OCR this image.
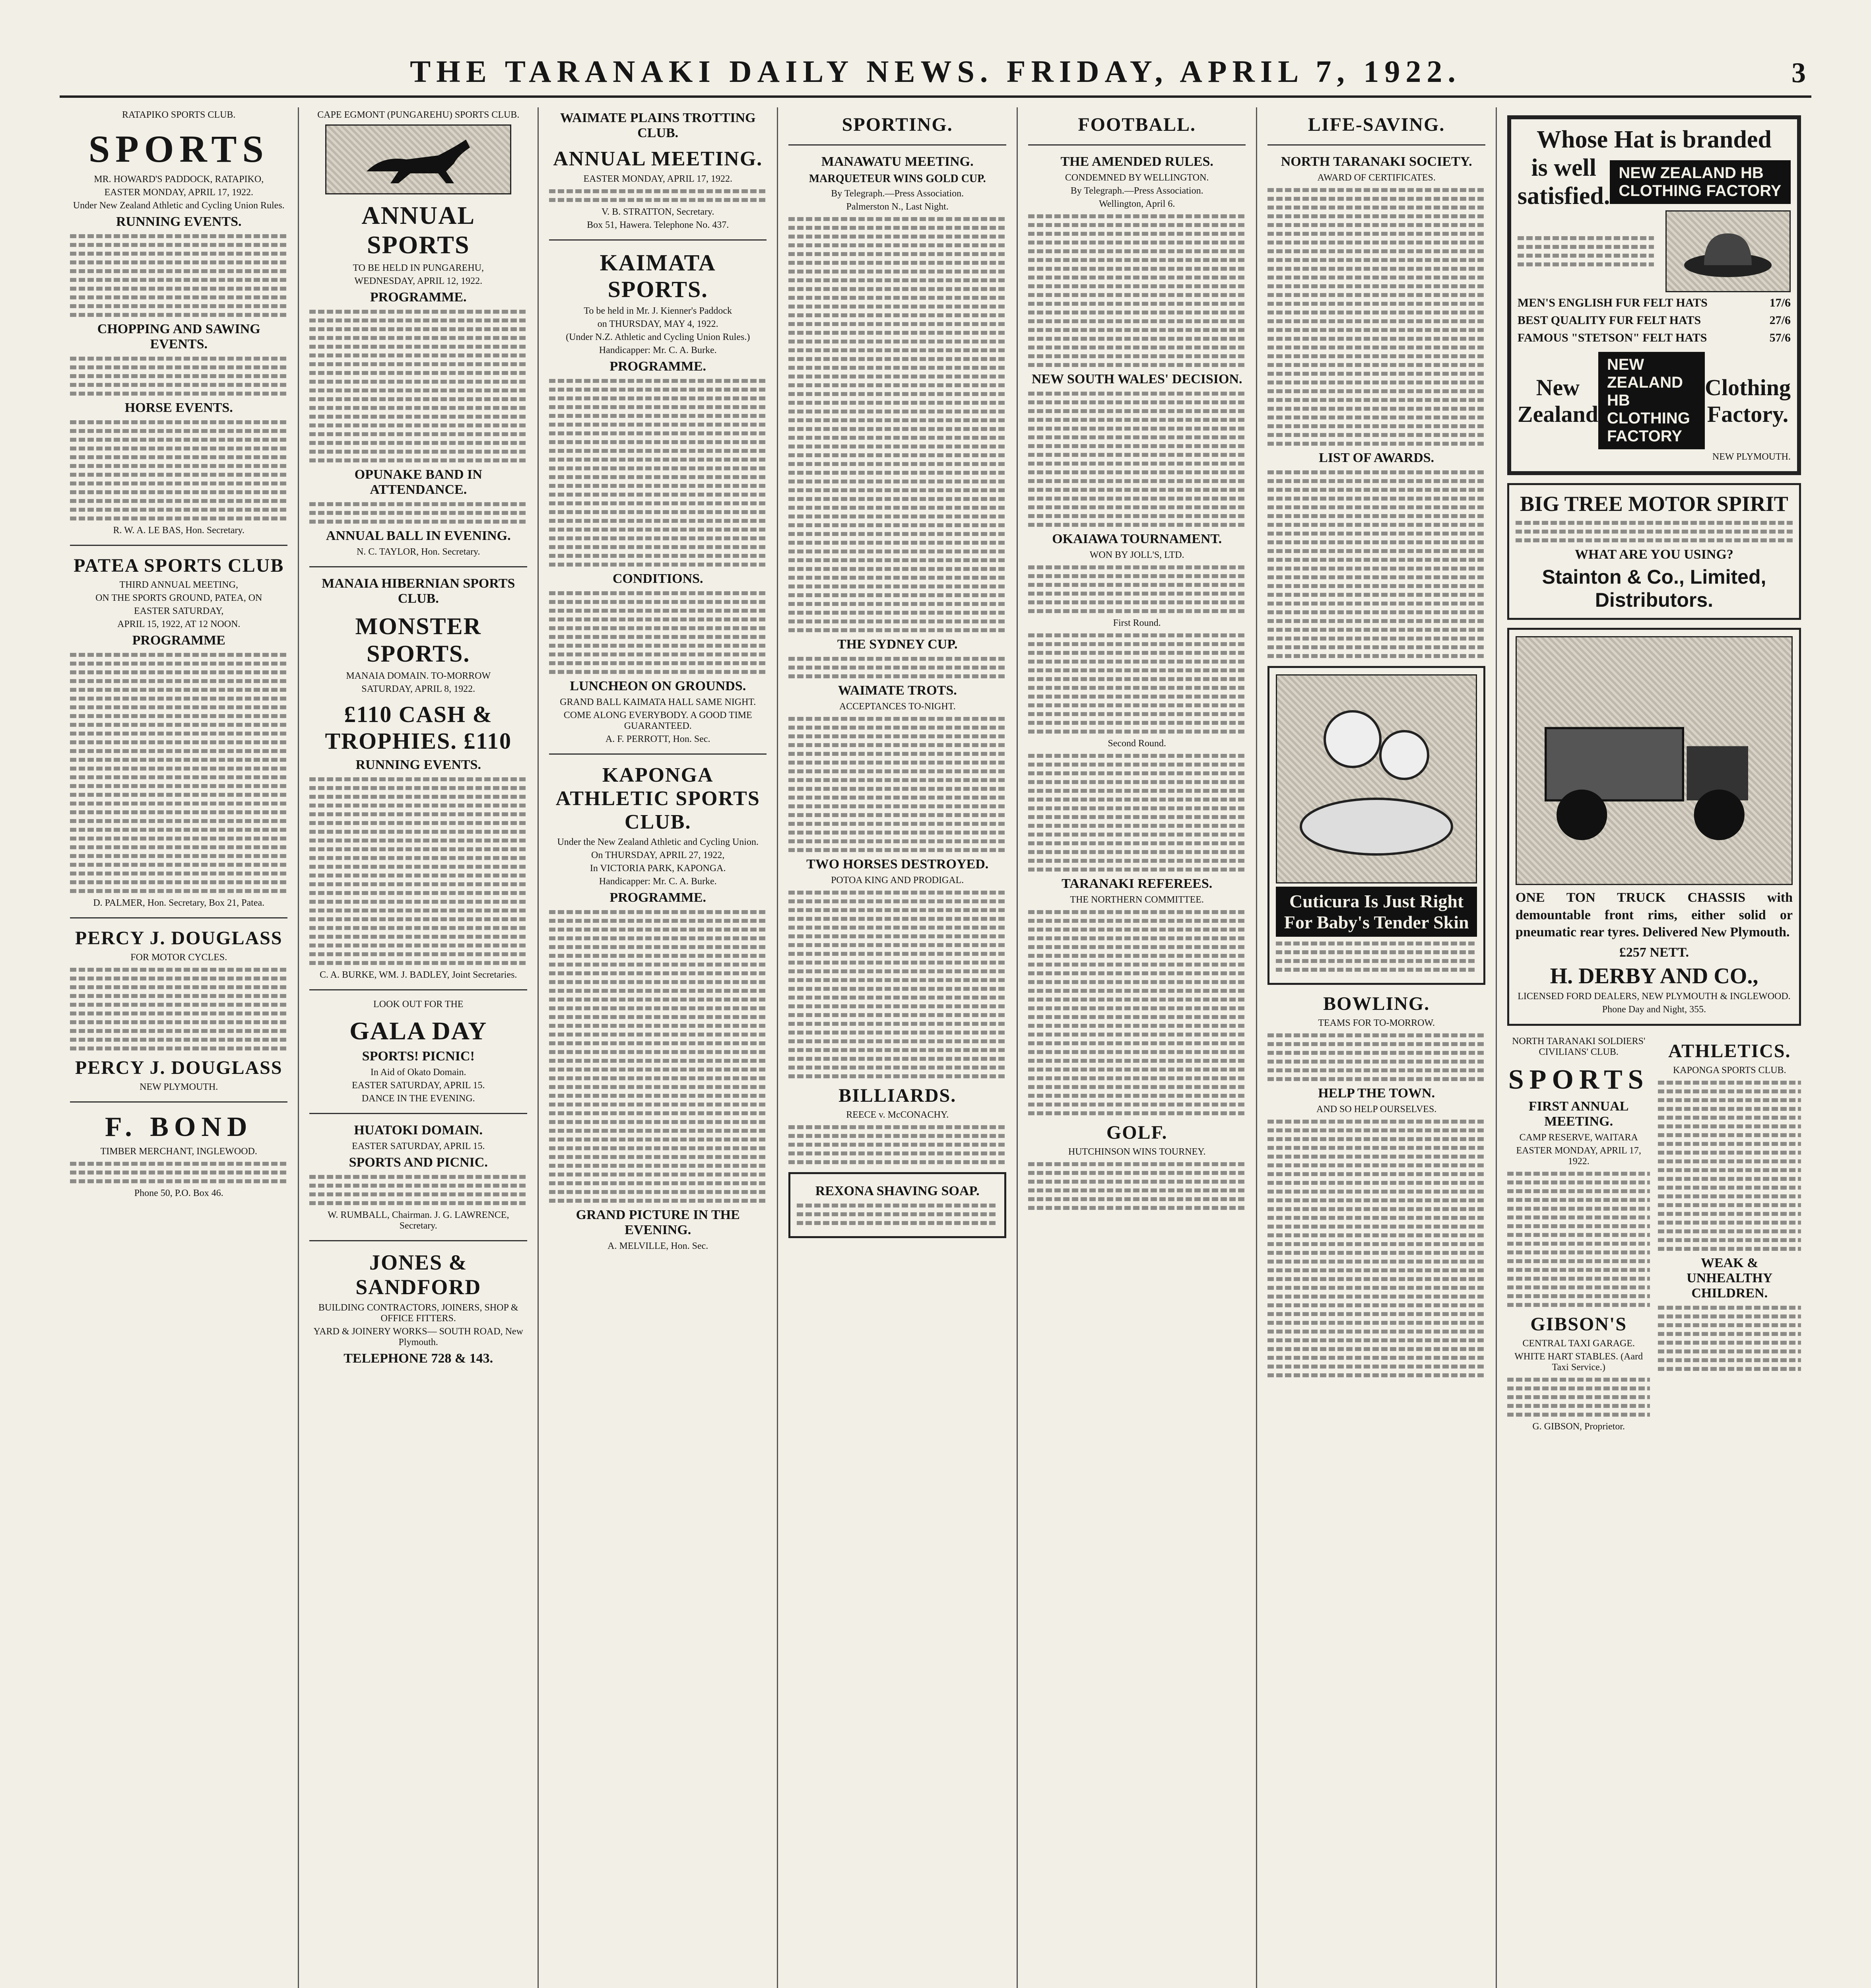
THE TARANAKI DAILY NEWS. FRIDAY, APRIL 7, 1922.	3
RATAPIKO SPORTS CLUB.
SPORTS
MR. HOWARD'S PADDOCK, RATAPIKO,
EASTER MONDAY, APRIL 17, 1922.
Under New Zealand Athletic and Cycling Union Rules.
RUNNING EVENTS.
CHOPPING AND SAWING EVENTS.
HORSE EVENTS.
R. W. A. LE BAS, Hon. Secretary.
PATEA SPORTS CLUB
THIRD ANNUAL MEETING,
ON THE SPORTS GROUND, PATEA, ON
EASTER SATURDAY,
APRIL 15, 1922, AT 12 NOON.
PROGRAMME
D. PALMER, Hon. Secretary, Box 21, Patea.
PERCY J. DOUGLASS
FOR MOTOR CYCLES.
PERCY J. DOUGLASS
NEW PLYMOUTH.
F. BOND
TIMBER MERCHANT, INGLEWOOD.
Phone 50, P.O. Box 46.
CAPE EGMONT (PUNGAREHU) SPORTS CLUB.
ANNUAL SPORTS
TO BE HELD IN PUNGAREHU,
WEDNESDAY, APRIL 12, 1922.
PROGRAMME.
OPUNAKE BAND IN ATTENDANCE.
ANNUAL BALL IN EVENING.
N. C. TAYLOR, Hon. Secretary.
MANAIA HIBERNIAN SPORTS CLUB.
MONSTER SPORTS.
MANAIA DOMAIN. TO-MORROW
SATURDAY, APRIL 8, 1922.
£110 CASH & TROPHIES. £110
RUNNING EVENTS.
C. A. BURKE, WM. J. BADLEY, Joint Secretaries.
LOOK OUT FOR THE
GALA DAY
SPORTS! PICNIC!
In Aid of Okato Domain.
EASTER SATURDAY, APRIL 15.
DANCE IN THE EVENING.
HUATOKI DOMAIN.
EASTER SATURDAY, APRIL 15.
SPORTS AND PICNIC.
W. RUMBALL, Chairman. J. G. LAWRENCE, Secretary.
JONES & SANDFORD
BUILDING CONTRACTORS, JOINERS, SHOP & OFFICE FITTERS.
YARD & JOINERY WORKS— SOUTH ROAD, New Plymouth.
TELEPHONE 728 & 143.
WAIMATE PLAINS TROTTING CLUB.
ANNUAL MEETING.
EASTER MONDAY, APRIL 17, 1922.
V. B. STRATTON, Secretary.
Box 51, Hawera. Telephone No. 437.
KAIMATA SPORTS.
To be held in Mr. J. Kienner's Paddock
on THURSDAY, MAY 4, 1922.
(Under N.Z. Athletic and Cycling Union Rules.)
Handicapper: Mr. C. A. Burke.
PROGRAMME.
CONDITIONS.
LUNCHEON ON GROUNDS.
GRAND BALL KAIMATA HALL SAME NIGHT.
COME ALONG EVERYBODY. A GOOD TIME GUARANTEED.
A. F. PERROTT, Hon. Sec.
KAPONGA ATHLETIC SPORTS CLUB.
Under the New Zealand Athletic and Cycling Union.
On THURSDAY, APRIL 27, 1922,
In VICTORIA PARK, KAPONGA.
Handicapper: Mr. C. A. Burke.
PROGRAMME.
GRAND PICTURE IN THE EVENING.
A. MELVILLE, Hon. Sec.
SPORTING.
MANAWATU MEETING.
MARQUETEUR WINS GOLD CUP.
By Telegraph.—Press Association.
Palmerston N., Last Night.
THE SYDNEY CUP.
WAIMATE TROTS.
ACCEPTANCES TO-NIGHT.
TWO HORSES DESTROYED.
POTOA KING AND PRODIGAL.
BILLIARDS.
REECE v. McCONACHY.
REXONA SHAVING SOAP.
FOOTBALL.
THE AMENDED RULES.
CONDEMNED BY WELLINGTON.
By Telegraph.—Press Association.
Wellington, April 6.
NEW SOUTH WALES' DECISION.
OKAIAWA TOURNAMENT.
WON BY JOLL'S, LTD.
First Round.
Second Round.
TARANAKI REFEREES.
THE NORTHERN COMMITTEE.
GOLF.
HUTCHINSON WINS TOURNEY.
LIFE-SAVING.
NORTH TARANAKI SOCIETY.
AWARD OF CERTIFICATES.
LIST OF AWARDS.
Cuticura Is Just Right For Baby's Tender Skin
BOWLING.
TEAMS FOR TO-MORROW.
HELP THE TOWN.
AND SO HELP OURSELVES.
Whose Hat is branded
is well satisfied.
NEW ZEALAND HB CLOTHING FACTORY
MEN'S ENGLISH FUR FELT HATS	17/6
BEST QUALITY FUR FELT HATS	27/6
FAMOUS "STETSON" FELT HATS	57/6
New Zealand
NEW ZEALAND HB CLOTHING FACTORY
Clothing Factory.
NEW PLYMOUTH.
BIG TREE MOTOR SPIRIT
WHAT ARE YOU USING?
Stainton & Co., Limited, Distributors.
ONE TON TRUCK CHASSIS with demountable front rims, either solid or pneumatic rear tyres. Delivered New Plymouth.
£257 NETT.
H. DERBY AND CO.,
LICENSED FORD DEALERS, NEW PLYMOUTH & INGLEWOOD.
Phone Day and Night, 355.
NORTH TARANAKI SOLDIERS' CIVILIANS' CLUB.
SPORTS
FIRST ANNUAL MEETING.
CAMP RESERVE, WAITARA
EASTER MONDAY, APRIL 17, 1922.
GIBSON'S
CENTRAL TAXI GARAGE.
WHITE HART STABLES. (Aard Taxi Service.)
G. GIBSON, Proprietor.
ATHLETICS.
KAPONGA SPORTS CLUB.
WEAK & UNHEALTHY CHILDREN.
